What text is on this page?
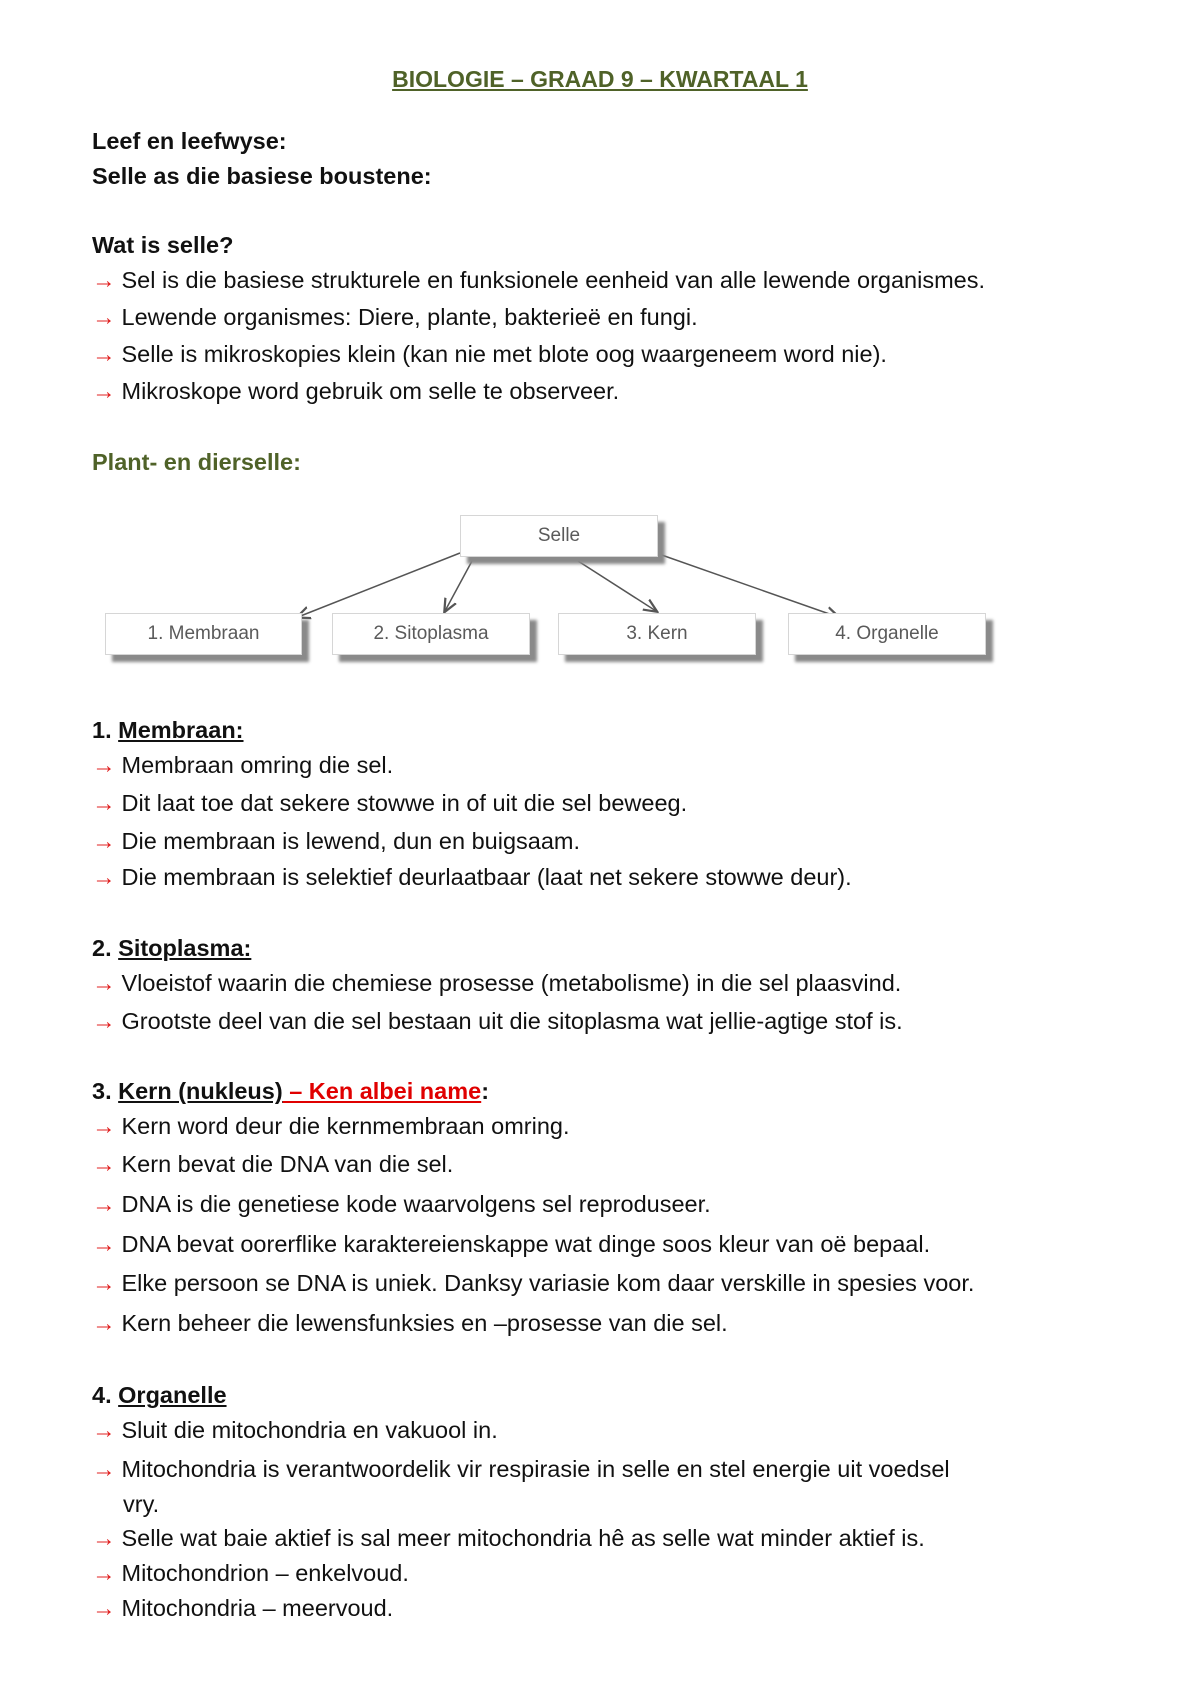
BIOLOGIE – GRAAD 9 – KWARTAAL 1
Leef en leefwyse:
Selle as die basiese boustene:
Wat is selle?
→ Sel is die basiese strukturele en funksionele eenheid van alle lewende organismes.
→ Lewende organismes: Diere, plante, bakterieë en fungi.
→ Selle is mikroskopies klein (kan nie met blote oog waargeneem word nie).
→ Mikroskope word gebruik om selle te observeer.
Plant- en dierselle:
Selle
1. Membraan	2. Sitoplasma	3. Kern	4. Organelle
1. Membraan:
→ Membraan omring die sel.
→ Dit laat toe dat sekere stowwe in of uit die sel beweeg.
→ Die membraan is lewend, dun en buigsaam.
→ Die membraan is selektief deurlaatbaar (laat net sekere stowwe deur).
2. Sitoplasma:
→ Vloeistof waarin die chemiese prosesse (metabolisme) in die sel plaasvind.
→ Grootste deel van die sel bestaan uit die sitoplasma wat jellie-agtige stof is.
3. Kern (nukleus) – Ken albei name:
→ Kern word deur die kernmembraan omring.
→ Kern bevat die DNA van die sel.
→ DNA is die genetiese kode waarvolgens sel reproduseer.
→ DNA bevat oorerflike karaktereienskappe wat dinge soos kleur van oë bepaal.
→ Elke persoon se DNA is uniek. Danksy variasie kom daar verskille in spesies voor.
→ Kern beheer die lewensfunksies en –prosesse van die sel.
4. Organelle
→ Sluit die mitochondria en vakuool in.
→ Mitochondria is verantwoordelik vir respirasie in selle en stel energie uit voedsel
vry.
→ Selle wat baie aktief is sal meer mitochondria hê as selle wat minder aktief is.
→ Mitochondrion – enkelvoud.
→ Mitochondria – meervoud.
